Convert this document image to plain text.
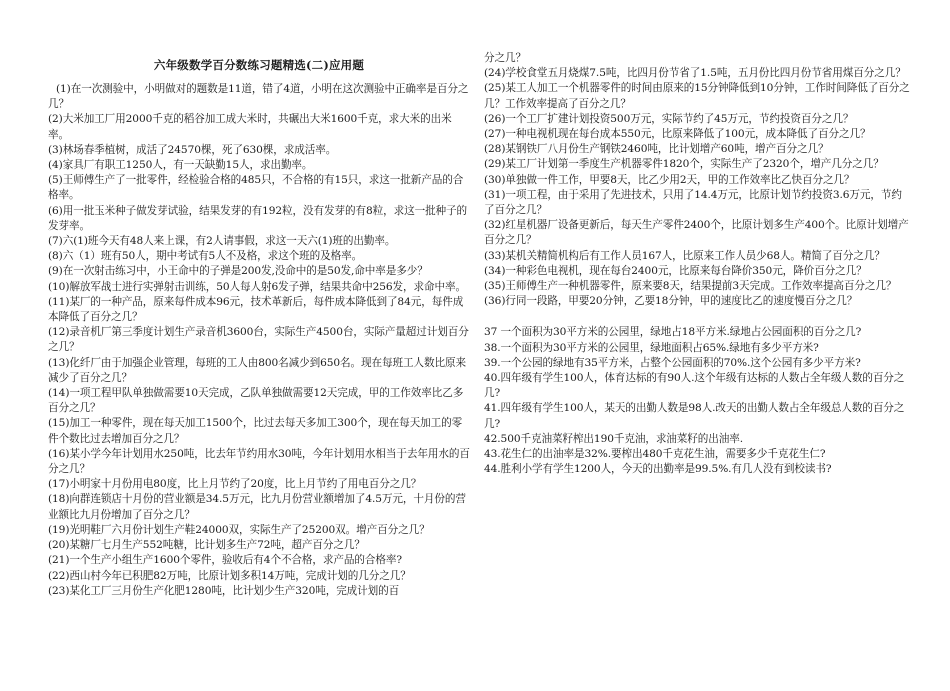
六年级数学百分数练习题精选(二)应用题

(1)在一次测验中，小明做对的题数是11道，错了4道，小明在这次测验中正确率是百分之几？

(2)大米加工厂用2000千克的稻谷加工成大米时，共碾出大米1600千克，求大米的出米率。

(3)林场春季植树，成活了24570棵，死了630棵，求成活率。

(4)家具厂有职工1250人，有一天缺勤15人，求出勤率。

(5)王师傅生产了一批零件，经检验合格的485只，不合格的有15只，求这一批新产品的合格率。

(6)用一批玉米种子做发芽试验，结果发芽的有192粒，没有发芽的有8粒，求这一批种子的发芽率。

(7)六(1)班今天有48人来上课，有2人请事假，求这一天六(1)班的出勤率。

(8)六（1）班有50人，期中考试有5人不及格，求这个班的及格率。

(9)在一次射击练习中，小王命中的子弹是200发,没命中的是50发,命中率是多少？

(10)解放军战士进行实弹射击训练，50人每人射6发子弹，结果共命中256发，求命中率。

(11)某厂的一种产品，原来每件成本96元，技术革新后，每件成本降低到了84元，每件成本降低了百分之几？

(12)录音机厂第三季度计划生产录音机3600台，实际生产4500台，实际产量超过计划百分之几？

(13)化纤厂由于加强企业管理，每班的工人由800名减少到650名。现在每班工人数比原来减少了百分之几？

(14)一项工程甲队单独做需要10天完成，乙队单独做需要12天完成，甲的工作效率比乙多百分之几？

(15)加工一种零件，现在每天加工1500个，比过去每天多加工300个，现在每天加工的零件个数比过去增加百分之几？

(16)某小学今年计划用水250吨，比去年节约用水30吨，今年计划用水相当于去年用水的百分之几？

(17)小明家十月份用电80度，比上月节约了20度，比上月节约了用电百分之几？

(18)向群连锁店十月份的营业额是34.5万元，比九月份营业额增加了4.5万元，十月份的营业额比九月份增加了百分之几？

(19)光明鞋厂六月份计划生产鞋24000双，实际生产了25200双。增产百分之几？

(20)某糖厂七月生产552吨糖，比计划多生产72吨，超产百分之几？

(21)一个生产小组生产1600个零件，验收后有4个不合格，求产品的合格率?

(22)西山村今年已积肥82万吨，比原计划多积14万吨，完成计划的几分之几？

(23)某化工厂三月份生产化肥1280吨，比计划少生产320吨，完成计划的百

分之几？

(24)学校食堂五月烧煤7.5吨，比四月份节省了1.5吨，五月份比四月份节省用煤百分之几？

(25)某工人加工一个机器零件的时间由原来的15分钟降低到10分钟，工作时间降低了百分之几？工作效率提高了百分之几？

(26)一个工厂扩建计划投资500万元，实际节约了45万元，节约投资百分之几？

(27)一种电视机现在每台成本550元，比原来降低了100元，成本降低了百分之几？

(28)某钢铁厂八月份生产钢铁2460吨，比计划增产60吨，增产百分之几？

(29)某工厂计划第一季度生产机器零件1820个，实际生产了2320个，增产几分之几？

(30)单独做一件工作，甲要8天，比乙少用2天，甲的工作效率比乙快百分之几？

(31)一项工程，由于采用了先进技术，只用了14.4万元，比原计划节约投资3.6万元，节约了百分之几？

(32)红星机器厂设备更新后，每天生产零件2400个，比原计划多生产400个。比原计划增产百分之几？

(33)某机关精简机构后有工作人员167人，比原来工作人员少68人。精简了百分之几？

(34)一种彩色电视机，现在每台2400元，比原来每台降价350元，降价百分之几？

(35)王师傅生产一种机器零件，原来要8天，结果提前3天完成。工作效率提高百分之几？

(36)行同一段路，甲要20分钟，乙要18分钟，甲的速度比乙的速度慢百分之几？

37 一个面积为30平方米的公园里，绿地占18平方米.绿地占公园面积的百分之几?

38.一个面积为30平方米的公园里，绿地面积占65%.绿地有多少平方米?

39.一个公园的绿地有35平方米，占整个公园面积的70%.这个公园有多少平方米?

40.四年级有学生100人，体育达标的有90人.这个年级有达标的人数占全年级人数的百分之几?

41.四年级有学生100人，某天的出勤人数是98人.改天的出勤人数占全年级总人数的百分之几?

42.500千克油菜籽榨出190千克油，求油菜籽的出油率.

43.花生仁的出油率是32%.要榨出480千克花生油，需要多少千克花生仁?

44.胜利小学有学生1200人，今天的出勤率是99.5%.有几人没有到校读书?
